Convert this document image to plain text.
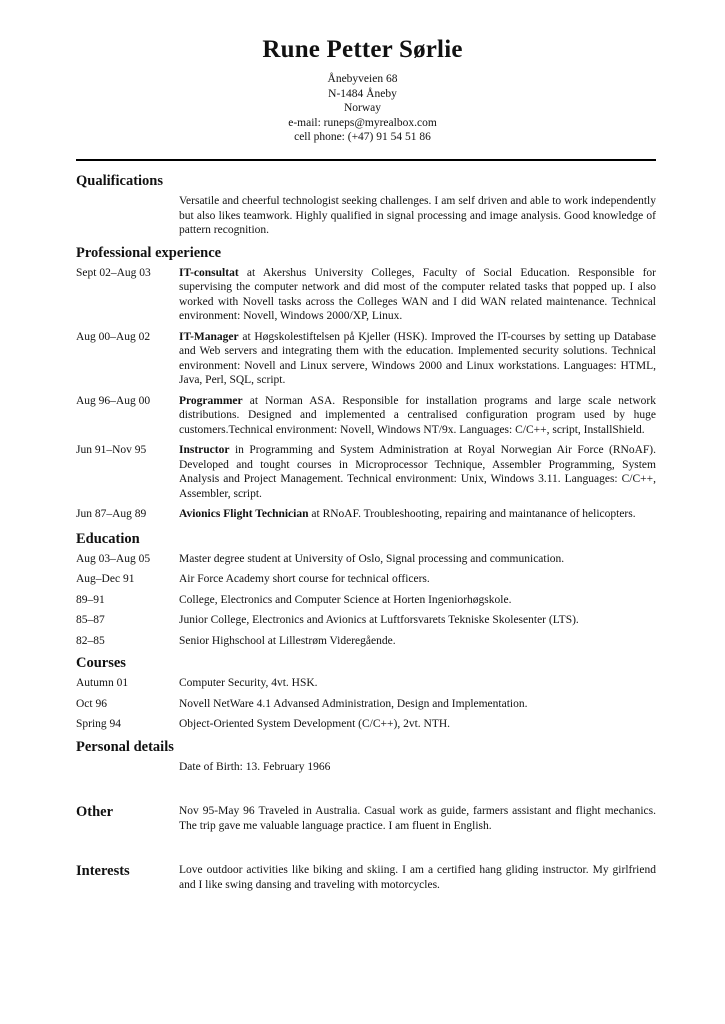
Rune Petter Sørlie
Ånebyveien 68
N-1484 Åneby
Norway
e-mail: runeps@myrealbox.com
cell phone: (+47) 91 54 51 86
Qualifications
Versatile and cheerful technologist seeking challenges. I am self driven and able to work independently but also likes teamwork. Highly qualified in signal processing and image analysis. Good knowledge of pattern recognition.
Professional experience
Sept 02–Aug 03	IT-consultat at Akershus University Colleges, Faculty of Social Education. Responsible for supervising the computer network and did most of the computer related tasks that popped up. I also worked with Novell tasks across the Colleges WAN and I did WAN related maintenance. Technical environment: Novell, Windows 2000/XP, Linux.
Aug 00–Aug 02	IT-Manager at Høgskolestiftelsen på Kjeller (HSK). Improved the IT-courses by setting up Database and Web servers and integrating them with the education. Implemented security solutions. Technical environment: Novell and Linux servere, Windows 2000 and Linux workstations. Languages: HTML, Java, Perl, SQL, script.
Aug 96–Aug 00	Programmer at Norman ASA. Responsible for installation programs and large scale network distributions. Designed and implemented a centralised configuration program used by huge customers.Technical environment: Novell, Windows NT/9x. Languages: C/C++, script, InstallShield.
Jun 91–Nov 95	Instructor in Programming and System Administration at Royal Norwegian Air Force (RNoAF). Developed and tought courses in Microprocessor Technique, Assembler Programming, System Analysis and Project Management. Technical environment: Unix, Windows 3.11. Languages: C/C++, Assembler, script.
Jun 87–Aug 89	Avionics Flight Technician at RNoAF. Troubleshooting, repairing and maintanance of helicopters.
Education
Aug 03–Aug 05	Master degree student at University of Oslo, Signal processing and communication.
Aug–Dec 91	Air Force Academy short course for technical officers.
89–91	College, Electronics and Computer Science at Horten Ingeniorhøgskole.
85–87	Junior College, Electronics and Avionics at Luftforsvarets Tekniske Skolesenter (LTS).
82–85	Senior Highschool at Lillestrøm Videregående.
Courses
Autumn 01	Computer Security, 4vt. HSK.
Oct 96	Novell NetWare 4.1 Advansed Administration, Design and Implementation.
Spring 94	Object-Oriented System Development (C/C++), 2vt. NTH.
Personal details
Date of Birth: 13. February 1966
Other	Nov 95-May 96 Traveled in Australia. Casual work as guide, farmers assistant and flight mechanics. The trip gave me valuable language practice. I am fluent in English.
Interests	Love outdoor activities like biking and skiing. I am a certified hang gliding instructor. My girlfriend and I like swing dansing and traveling with motorcycles.
